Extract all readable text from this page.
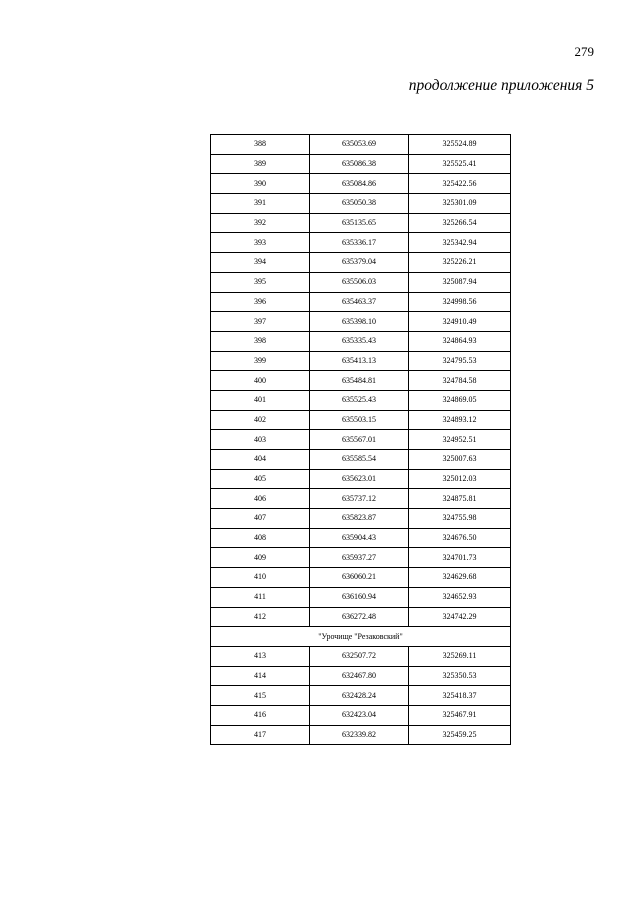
279
продолжение приложения 5
388	635053.69	325524.89
389	635086.38	325525.41
390	635084.86	325422.56
391	635050.38	325301.09
392	635135.65	325266.54
393	635336.17	325342.94
394	635379.04	325226.21
395	635506.03	325087.94
396	635463.37	324998.56
397	635398.10	324910.49
398	635335.43	324864.93
399	635413.13	324795.53
400	635484.81	324784.58
401	635525.43	324869.05
402	635503.15	324893.12
403	635567.01	324952.51
404	635585.54	325007.63
405	635623.01	325012.03
406	635737.12	324875.81
407	635823.87	324755.98
408	635904.43	324676.50
409	635937.27	324701.73
410	636060.21	324629.68
411	636160.94	324652.93
412	636272.48	324742.29
"Урочище "Резаковский"		
413	632507.72	325269.11
414	632467.80	325350.53
415	632428.24	325418.37
416	632423.04	325467.91
417	632339.82	325459.25
